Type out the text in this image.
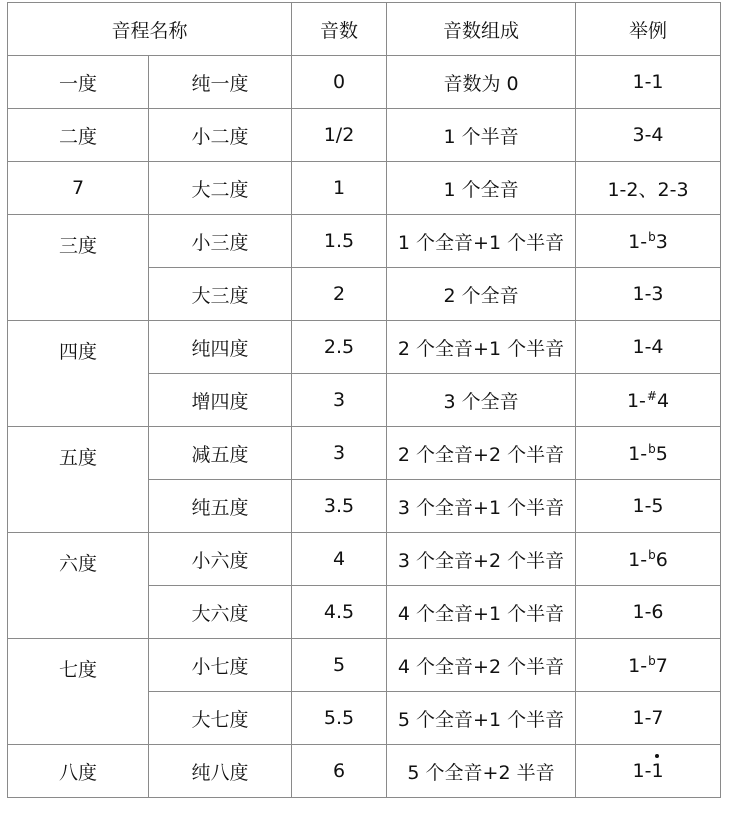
音程名称		音数	音数组成	举例
一度	纯一度	0	音数为 0	1-1
二度	小二度	1/2	1 个半音	3-4
7	大二度	1	1 个全音	1-2、2-3
三度	小三度	1.5	1 个全音+1 个半音	1-$^b$3
	大三度	2	2 个全音	1-3
四度	纯四度	2.5	2 个全音+1 个半音	1-4
	增四度	3	3 个全音	1-#4
五度	减五度	3	2 个全音+2 个半音	1-$^b$5
	纯五度	3.5	3 个全音+1 个半音	1-5
六度	小六度	4	3 个全音+2 个半音	1-$^b$6
	大六度	4.5	4 个全音+1 个半音	1-6
七度	小七度	5	4 个全音+2 个半音	1-$^b$7
	大七度	5.5	5 个全音+1 个半音	1-7
八度	纯八度	6	5 个全音+2 半音	1-1
